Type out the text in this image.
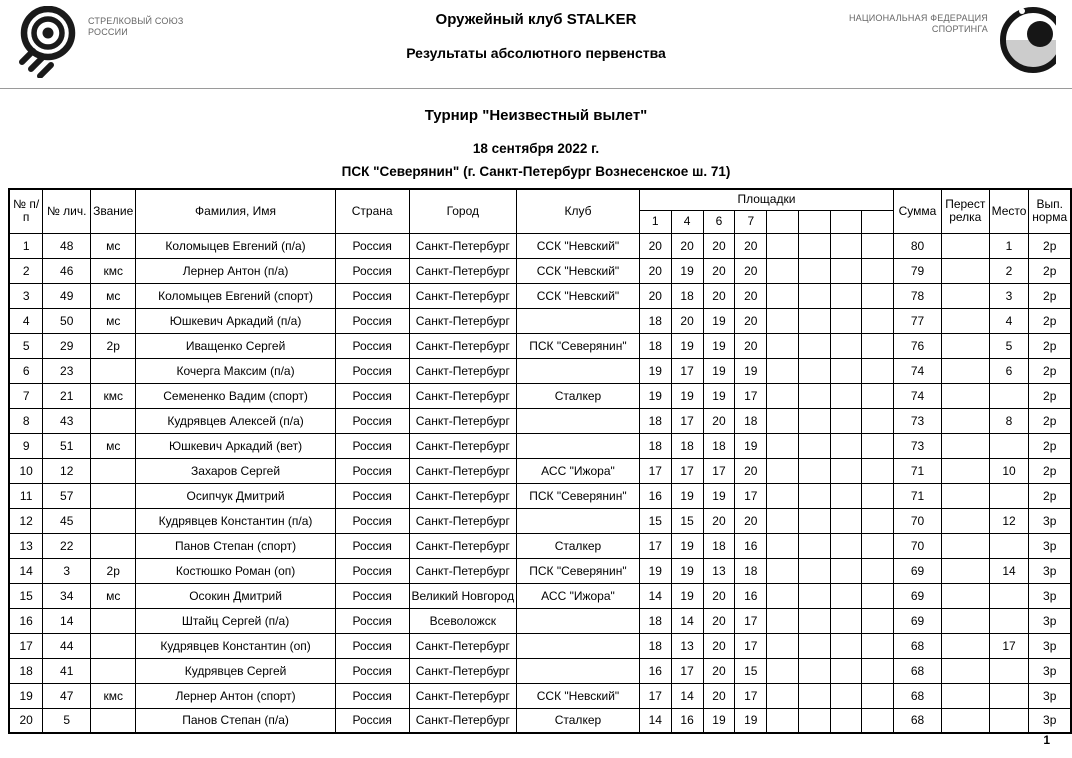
СТРЕЛКОВЫЙ СОЮЗ
РОССИИ
Оружейный клуб STALKER
Результаты абсолютного первенства
НАЦИОНАЛЬНАЯ ФЕДЕРАЦИЯ
СПОРТИНГА
Турнир "Неизвестный вылет"
18 сентября 2022 г.
ПСК "Северянин" (г. Санкт-Петербург Вознесенское ш. 71)
№ п/п	№ лич.	Звание	Фамилия, Имя	Страна	Город	Клуб	Площадки								Сумма	Перестрелка	Место	Вып. норма
							1	4	6	7								
1	48	мс	Коломыцев Евгений (п/а)	Россия	Санкт-Петербург	ССК "Невский"	20	20	20	20					80		1	2р
2	46	кмс	Лернер Антон (п/а)	Россия	Санкт-Петербург	ССК "Невский"	20	19	20	20					79		2	2р
3	49	мс	Коломыцев Евгений (спорт)	Россия	Санкт-Петербург	ССК "Невский"	20	18	20	20					78		3	2р
4	50	мс	Юшкевич Аркадий (п/а)	Россия	Санкт-Петербург		18	20	19	20					77		4	2р
5	29	2р	Иващенко Сергей	Россия	Санкт-Петербург	ПСК "Северянин"	18	19	19	20					76		5	2р
6	23		Кочерга Максим (п/а)	Россия	Санкт-Петербург		19	17	19	19					74		6	2р
7	21	кмс	Семененко Вадим (спорт)	Россия	Санкт-Петербург	Сталкер	19	19	19	17					74			2р
8	43		Кудрявцев Алексей (п/а)	Россия	Санкт-Петербург		18	17	20	18					73		8	2р
9	51	мс	Юшкевич Аркадий (вет)	Россия	Санкт-Петербург		18	18	18	19					73			2р
10	12		Захаров Сергей	Россия	Санкт-Петербург	АСС "Ижора"	17	17	17	20					71		10	2р
11	57		Осипчук Дмитрий	Россия	Санкт-Петербург	ПСК "Северянин"	16	19	19	17					71			2р
12	45		Кудрявцев Константин (п/а)	Россия	Санкт-Петербург		15	15	20	20					70		12	3р
13	22		Панов Степан (спорт)	Россия	Санкт-Петербург	Сталкер	17	19	18	16					70			3р
14	3	2р	Костюшко Роман (оп)	Россия	Санкт-Петербург	ПСК "Северянин"	19	19	13	18					69		14	3р
15	34	мс	Осокин Дмитрий	Россия	Великий Новгород	АСС "Ижора"	14	19	20	16					69			3р
16	14		Штайц Сергей (п/а)	Россия	Всеволожск		18	14	20	17					69			3р
17	44		Кудрявцев Константин (оп)	Россия	Санкт-Петербург		18	13	20	17					68		17	3р
18	41		Кудрявцев Сергей	Россия	Санкт-Петербург		16	17	20	15					68			3р
19	47	кмс	Лернер Антон (спорт)	Россия	Санкт-Петербург	ССК "Невский"	17	14	20	17					68			3р
20	5		Панов Степан (п/а)	Россия	Санкт-Петербург	Сталкер	14	16	19	19					68			3р
1
